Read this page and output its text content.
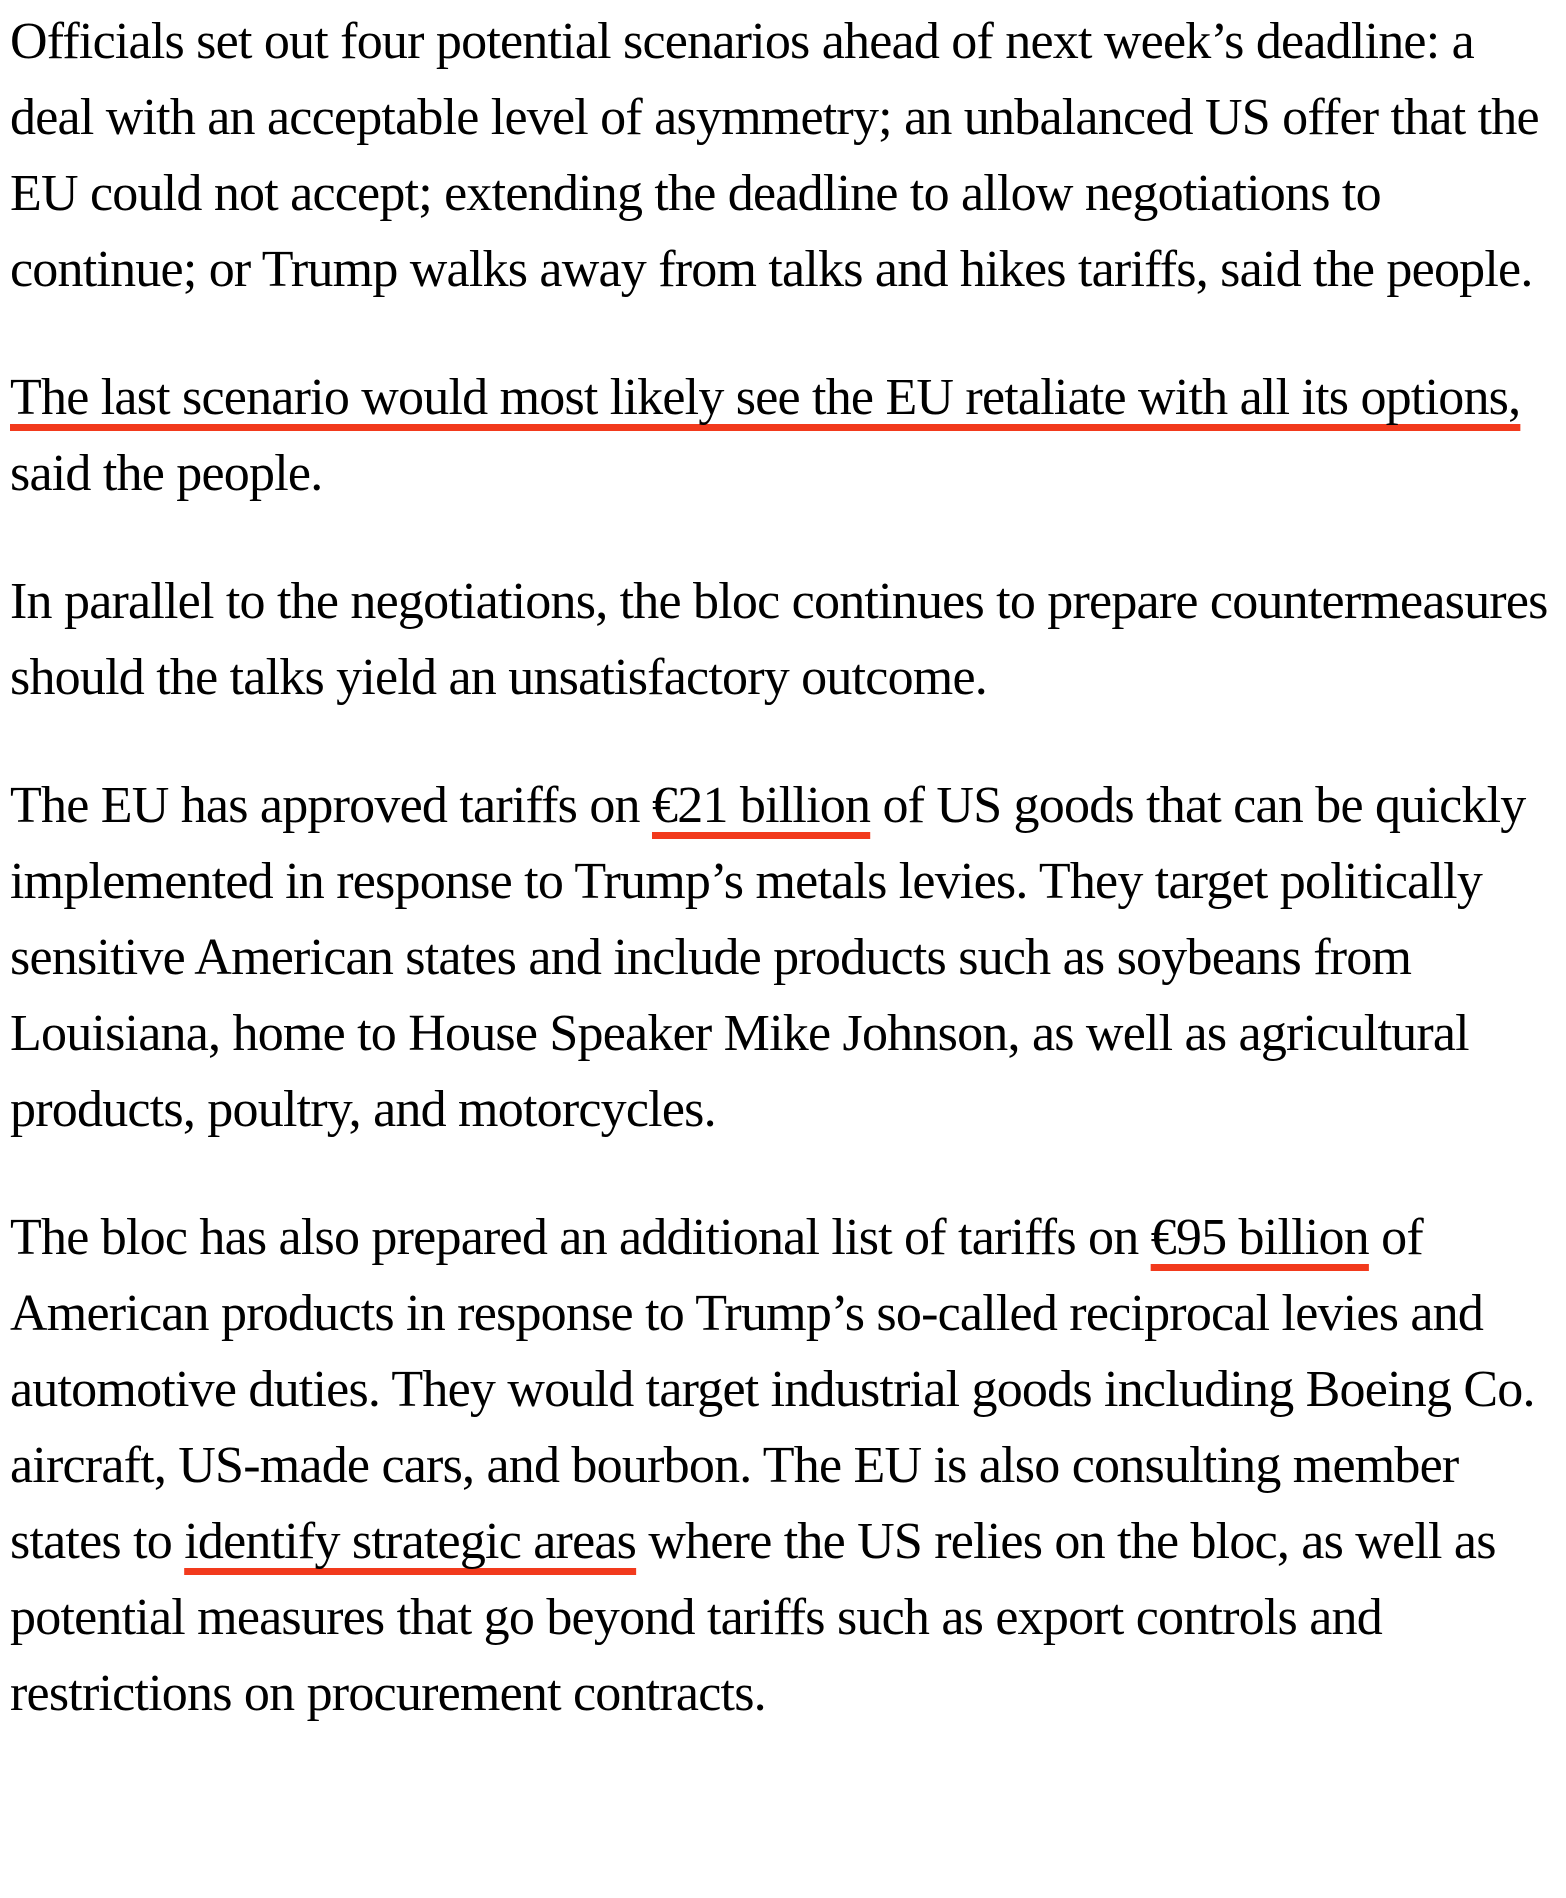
Officials set out four potential scenarios ahead of next week’s deadline: a deal with an acceptable level of asymmetry; an unbalanced US offer that the EU could not accept; extending the deadline to allow negotiations to continue; or Trump walks away from talks and hikes tariffs, said the people.

The last scenario would most likely see the EU retaliate with all its options, said the people.

In parallel to the negotiations, the bloc continues to prepare countermeasures should the talks yield an unsatisfactory outcome.

The EU has approved tariffs on €21 billion of US goods that can be quickly implemented in response to Trump’s metals levies. They target politically sensitive American states and include products such as soybeans from Louisiana, home to House Speaker Mike Johnson, as well as agricultural products, poultry, and motorcycles.

The bloc has also prepared an additional list of tariffs on €95 billion of American products in response to Trump’s so-called reciprocal levies and automotive duties. They would target industrial goods including Boeing Co. aircraft, US-made cars, and bourbon. The EU is also consulting member states to identify strategic areas where the US relies on the bloc, as well as potential measures that go beyond tariffs such as export controls and restrictions on procurement contracts.
